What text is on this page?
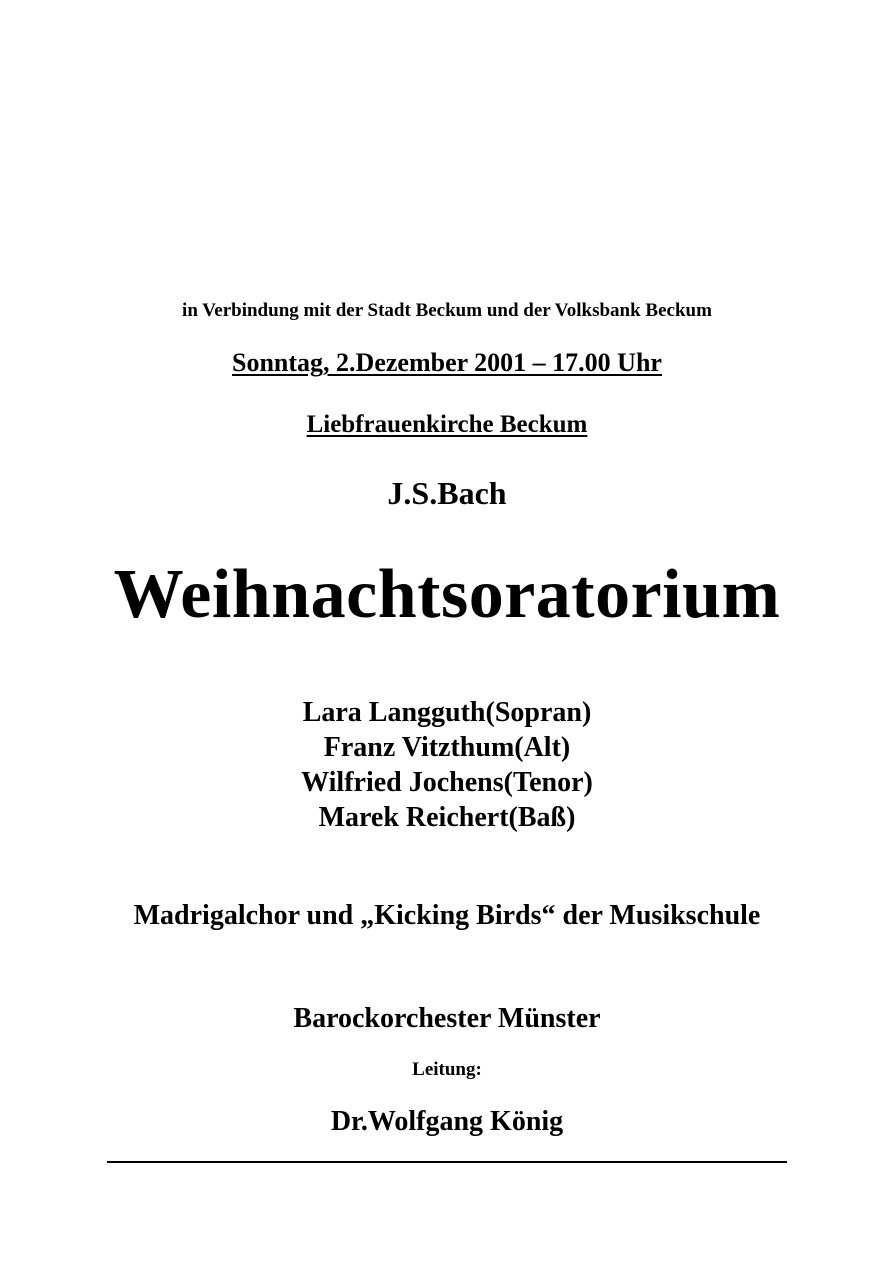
in Verbindung mit der Stadt Beckum und der Volksbank Beckum
Sonntag, 2.Dezember 2001 – 17.00 Uhr
Liebfrauenkirche Beckum
J.S.Bach
Weihnachtsoratorium
Lara Langguth(Sopran)
Franz Vitzthum(Alt)
Wilfried Jochens(Tenor)
Marek Reichert(Baß)
Madrigalchor und „Kicking Birds“ der Musikschule
Barockorchester Münster
Leitung:
Dr.Wolfgang König
